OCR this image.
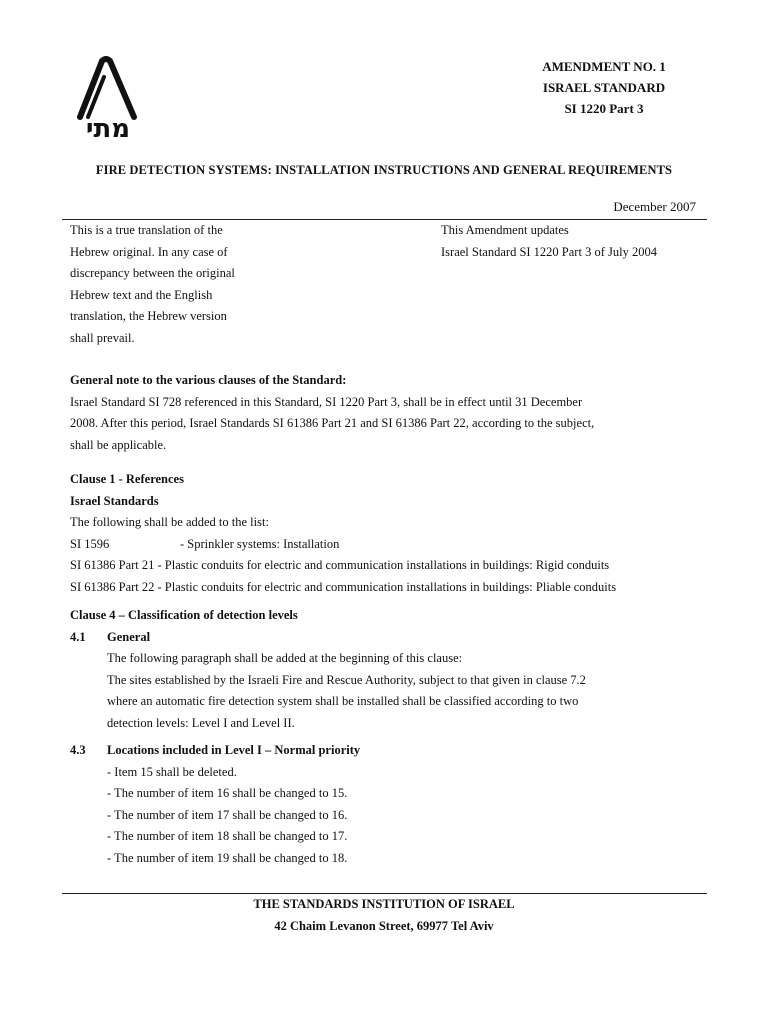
מתי
AMENDMENT NO. 1
ISRAEL STANDARD
SI 1220 Part 3
FIRE DETECTION SYSTEMS: INSTALLATION INSTRUCTIONS AND GENERAL REQUIREMENTS
December 2007
This is a true translation of the
Hebrew original. In any case of
discrepancy between the original
Hebrew text and the English
translation, the Hebrew version
shall prevail.
This Amendment updates
Israel Standard SI 1220 Part 3 of July 2004
General note to the various clauses of the Standard:
Israel Standard SI 728 referenced in this Standard, SI 1220 Part 3, shall be in effect until 31 December
2008. After this period, Israel Standards SI 61386 Part 21 and SI 61386 Part 22, according to the subject,
shall be applicable.
Clause 1 - References
Israel Standards
The following shall be added to the list:
SI 1596	- Sprinkler systems: Installation
SI 61386 Part 21 - Plastic conduits for electric and communication installations in buildings: Rigid conduits
SI 61386 Part 22 - Plastic conduits for electric and communication installations in buildings: Pliable conduits
Clause 4 – Classification of detection levels
4.1 General
The following paragraph shall be added at the beginning of this clause:
The sites established by the Israeli Fire and Rescue Authority, subject to that given in clause 7.2
where an automatic fire detection system shall be installed shall be classified according to two
detection levels: Level I and Level II.
4.3 Locations included in Level I – Normal priority
- Item 15 shall be deleted.
- The number of item 16 shall be changed to 15.
- The number of item 17 shall be changed to 16.
- The number of item 18 shall be changed to 17.
- The number of item 19 shall be changed to 18.
THE STANDARDS INSTITUTION OF ISRAEL
42 Chaim Levanon Street, 69977 Tel Aviv
